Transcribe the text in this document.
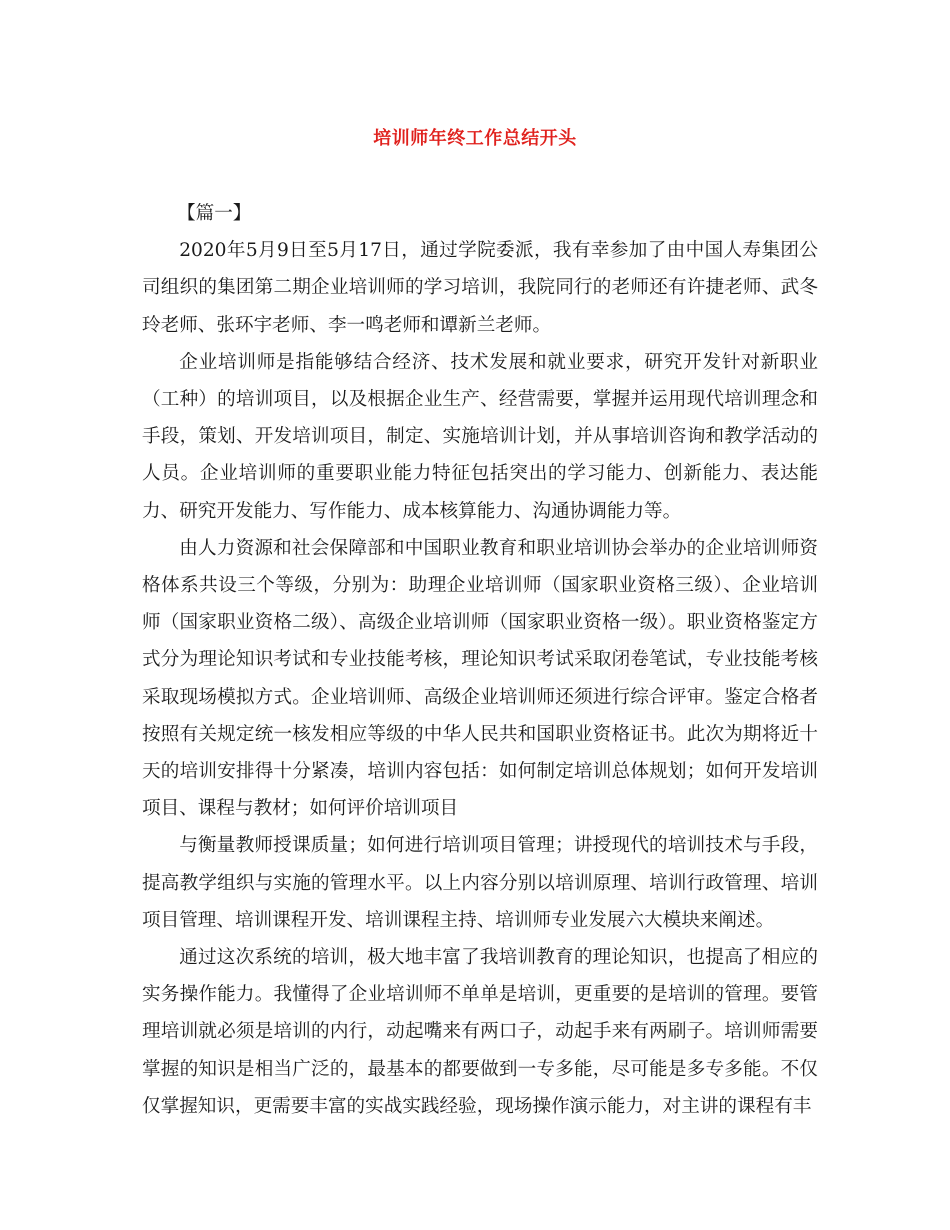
培训师年终工作总结开头

【篇一】

2020年5月9日至5月17日，通过学院委派，我有幸参加了由中国人寿集团公司组织的集团第二期企业培训师的学习培训，我院同行的老师还有许捷老师、武冬玲老师、张环宇老师、李一鸣老师和谭新兰老师。

企业培训师是指能够结合经济、技术发展和就业要求，研究开发针对新职业（工种）的培训项目，以及根据企业生产、经营需要，掌握并运用现代培训理念和手段，策划、开发培训项目，制定、实施培训计划，并从事培训咨询和教学活动的人员。企业培训师的重要职业能力特征包括突出的学习能力、创新能力、表达能力、研究开发能力、写作能力、成本核算能力、沟通协调能力等。

由人力资源和社会保障部和中国职业教育和职业培训协会举办的企业培训师资格体系共设三个等级，分别为：助理企业培训师（国家职业资格三级）、企业培训师（国家职业资格二级）、高级企业培训师（国家职业资格一级）。职业资格鉴定方式分为理论知识考试和专业技能考核，理论知识考试采取闭卷笔试，专业技能考核采取现场模拟方式。企业培训师、高级企业培训师还须进行综合评审。鉴定合格者按照有关规定统一核发相应等级的中华人民共和国职业资格证书。此次为期将近十天的培训安排得十分紧凑，培训内容包括：如何制定培训总体规划；如何开发培训项目、课程与教材；如何评价培训项目

与衡量教师授课质量；如何进行培训项目管理；讲授现代的培训技术与手段，提高教学组织与实施的管理水平。以上内容分别以培训原理、培训行政管理、培训项目管理、培训课程开发、培训课程主持、培训师专业发展六大模块来阐述。

通过这次系统的培训，极大地丰富了我培训教育的理论知识，也提高了相应的实务操作能力。我懂得了企业培训师不单单是培训，更重要的是培训的管理。要管理培训就必须是培训的内行，动起嘴来有两口子，动起手来有两刷子。培训师需要掌握的知识是相当广泛的，最基本的都要做到一专多能，尽可能是多专多能。不仅仅掌握知识，更需要丰富的实战实践经验，现场操作演示能力，对主讲的课程有丰
